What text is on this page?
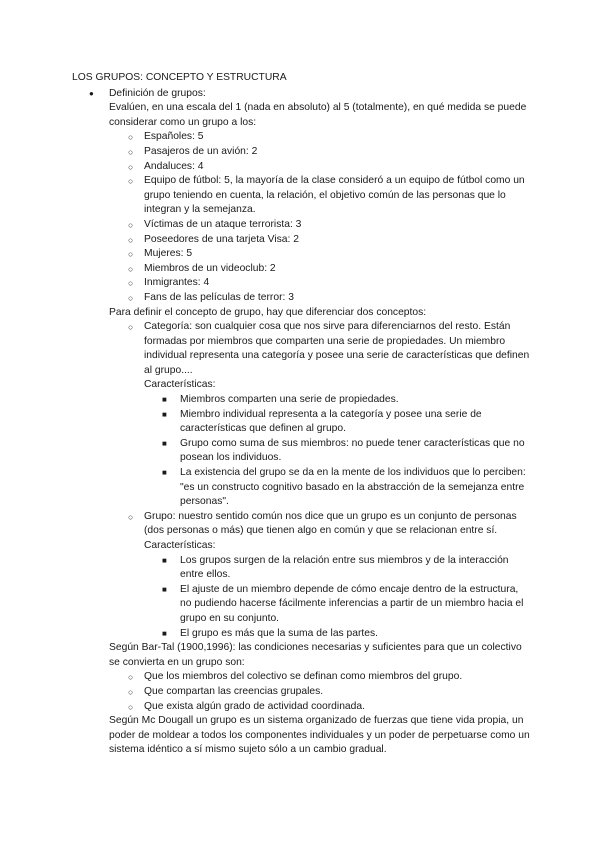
LOS GRUPOS: CONCEPTO Y ESTRUCTURA
● Definición de grupos:
Evalúen, en una escala del 1 (nada en absoluto) al 5 (totalmente), en qué medida se puede considerar como un grupo a los:
○ Españoles: 5
○ Pasajeros de un avión: 2
○ Andaluces: 4
○ Equipo de fútbol: 5, la mayoría de la clase consideró a un equipo de fútbol como un grupo teniendo en cuenta, la relación, el objetivo común de las personas que lo integran y la semejanza.
○ Víctimas de un ataque terrorista: 3
○ Poseedores de una tarjeta Visa: 2
○ Mujeres: 5
○ Miembros de un videoclub: 2
○ Inmigrantes: 4
○ Fans de las películas de terror: 3
Para definir el concepto de grupo, hay que diferenciar dos conceptos:
○ Categoría: son cualquier cosa que nos sirve para diferenciarnos del resto. Están formadas por miembros que comparten una serie de propiedades. Un miembro individual representa una categoría y posee una serie de características que definen al grupo....
Características:
■ Miembros comparten una serie de propiedades.
■ Miembro individual representa a la categoría y posee una serie de características que definen al grupo.
■ Grupo como suma de sus miembros: no puede tener características que no posean los individuos.
■ La existencia del grupo se da en la mente de los individuos que lo perciben: "es un constructo cognitivo basado en la abstracción de la semejanza entre personas".
○ Grupo: nuestro sentido común nos dice que un grupo es un conjunto de personas (dos personas o más) que tienen algo en común y que se relacionan entre sí.
Características:
■ Los grupos surgen de la relación entre sus miembros y de la interacción entre ellos.
■ El ajuste de un miembro depende de cómo encaje dentro de la estructura, no pudiendo hacerse fácilmente inferencias a partir de un miembro hacia el grupo en su conjunto.
■ El grupo es más que la suma de las partes.
Según Bar-Tal (1900,1996): las condiciones necesarias y suficientes para que un colectivo se convierta en un grupo son:
○ Que los miembros del colectivo se definan como miembros del grupo.
○ Que compartan las creencias grupales.
○ Que exista algún grado de actividad coordinada.
Según Mc Dougall un grupo es un sistema organizado de fuerzas que tiene vida propia, un poder de moldear a todos los componentes individuales y un poder de perpetuarse como un sistema idéntico a sí mismo sujeto sólo a un cambio gradual.
